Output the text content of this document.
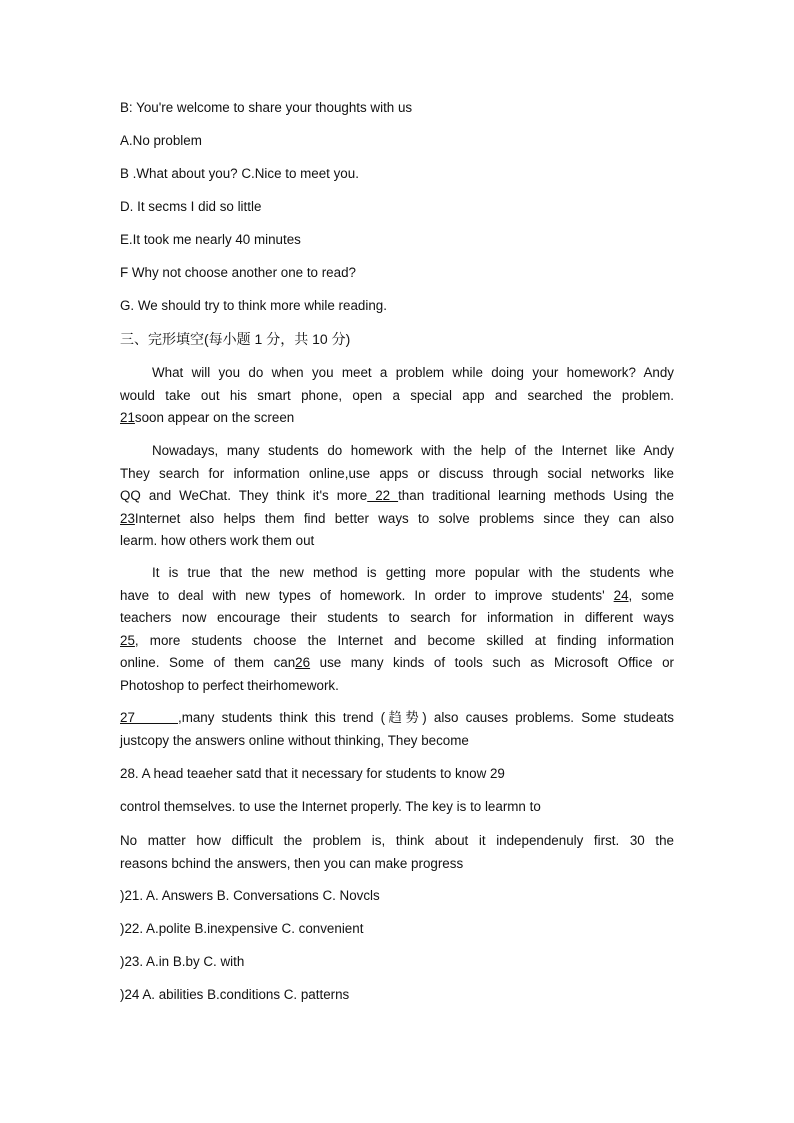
B: You're welcome to share your thoughts with us
A.No problem
B .What about you? C.Nice to meet you.
D. It secms I did so little
E.It took me nearly 40 minutes
F Why not choose another one to read?
G. We should try to think more while reading.
三、完形填空(每小题 1 分，共 10 分)
What will you do when you meet a problem while doing your homework? Andy
would take out his smart phone, open a special app and searched the problem.
21soon appear on the screen
Nowadays, many students do homework with the help of the Internet like Andy
They search for information online,use apps or discuss through social networks like
QQ and WeChat. They think it's more 22 than traditional learning methods Using the
23Internet also helps them find better ways to solve problems since they can also
learm. how others work them out
It is true that the new method is getting more popular with the students whe
have to deal with new types of homework. In order to improve students' 24, some
teachers now encourage their students to search for information in different ways
25, more students choose the Internet and become skilled at finding information
online. Some of them can26 use many kinds of tools such as Microsoft Office or
Photoshop to perfect theirhomework.
27      ,many students think this trend (趋势) also causes problems. Some studeats
justcopy the answers online without thinking, They become
28. A head teaeher satd that it necessary for students to know 29
control themselves. to use the Internet properly. The key is to learmn to
No matter how difficult the problem is, think about it independenuly first. 30 the
reasons bchind the answers, then you can make progress
)21. A. Answers B. Conversations C. Novcls
)22. A.polite B.inexpensive C. convenient
)23. A.in B.by C. with
)24 A. abilities B.conditions C. patterns
